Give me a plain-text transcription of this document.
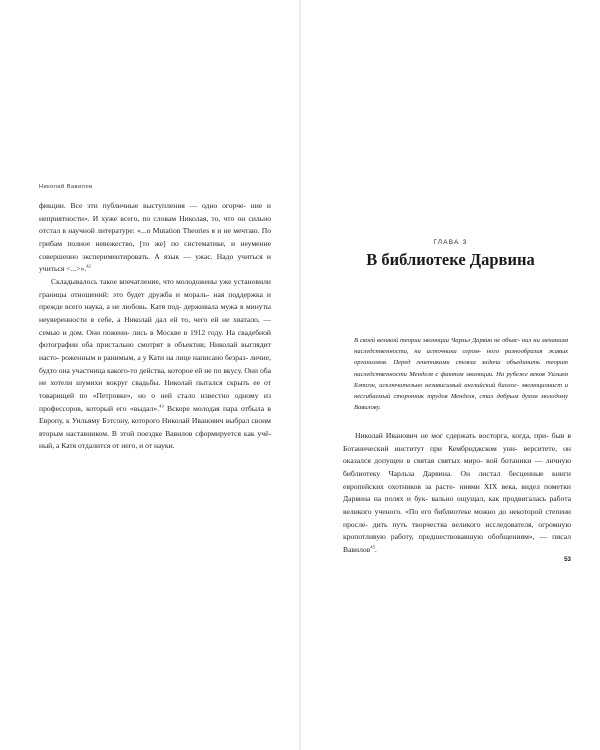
Николай Вавилов

фикции. Все эти публичные выступления — одно огорче- ние и неприятности». И хуже всего, по словам Николая, то, что он сильно отстал в научной литературе: «...о Mutation Theories я и не мечтаю. По грибам полное невежество, [то же] по систематике, и неумение совершенно экспериментировать. А язык — ужас. Надо учиться и учиться <...>».$^{42}$

Складывалось такое впечатление, что молодожены уже установили границы отношений: это будет дружба и мораль- ная поддержка и прежде всего наука, а не любовь. Катя под- держивала мужа в минуты неуверенности в себе, а Николай дал ей то, чего ей не хватало, — семью и дом. Они пожени- лись в Москве в 1912 году. На свадебной фотографии оба пристально смотрят в объектив; Николай выглядит насто- роженным и ранимым, а у Кати на лице написано безраз- личие, будто она участница какого-то действа, которое ей не по вкусу. Они оба не хотели шумихи вокруг свадьбы. Николай пытался скрыть ее от товарищей по «Петровке», но о ней стало известно одному из профессоров, который его «выдал».$^{43}$ Вскоре молодая пара отбыла в Европу, к Уильяму Бэтсону, которого Николай Иванович выбрал своим вторым наставником. В этой поездке Вавилов сформируется как учё- ный, а Катя отдалится от него, и от науки.

ГЛАВА 3

В библиотеке Дарвина

В своей великой теории эволюции Чарльз Дарвин не объяс- нил ни механизм наследственности, ни источники огром- ного разнообразия живых организмов. Перед генетиками стояла задача объединить теорию наследственности Менделя с фактом эволюции. На рубеже веков Уильям Бэтсон, исключительно независимый английский биолог- эволюционист и несгибаемый сторонник трудов Менделя, стал добрым духом молодому Вавилову.

Николай Иванович не мог сдержать восторга, когда, при- быв в Ботанический институт при Кембриджском уни- верситете, он оказался допущен в святая святых миро- вой ботаники — личную библиотеку Чарльза Дарвина. Он листал бесценные книги европейских охотников за расте- ниями XIX века, видел пометки Дарвина на полях и бук- вально ощущал, как продвигалась работа великого ученого. «По его библиотеке можно до некоторой степени просле- дить путь творчества великого исследователя, огромную кропотливую работу, предшествовавшую обобщениям», — писал Вавилов$^{45}$.

53
